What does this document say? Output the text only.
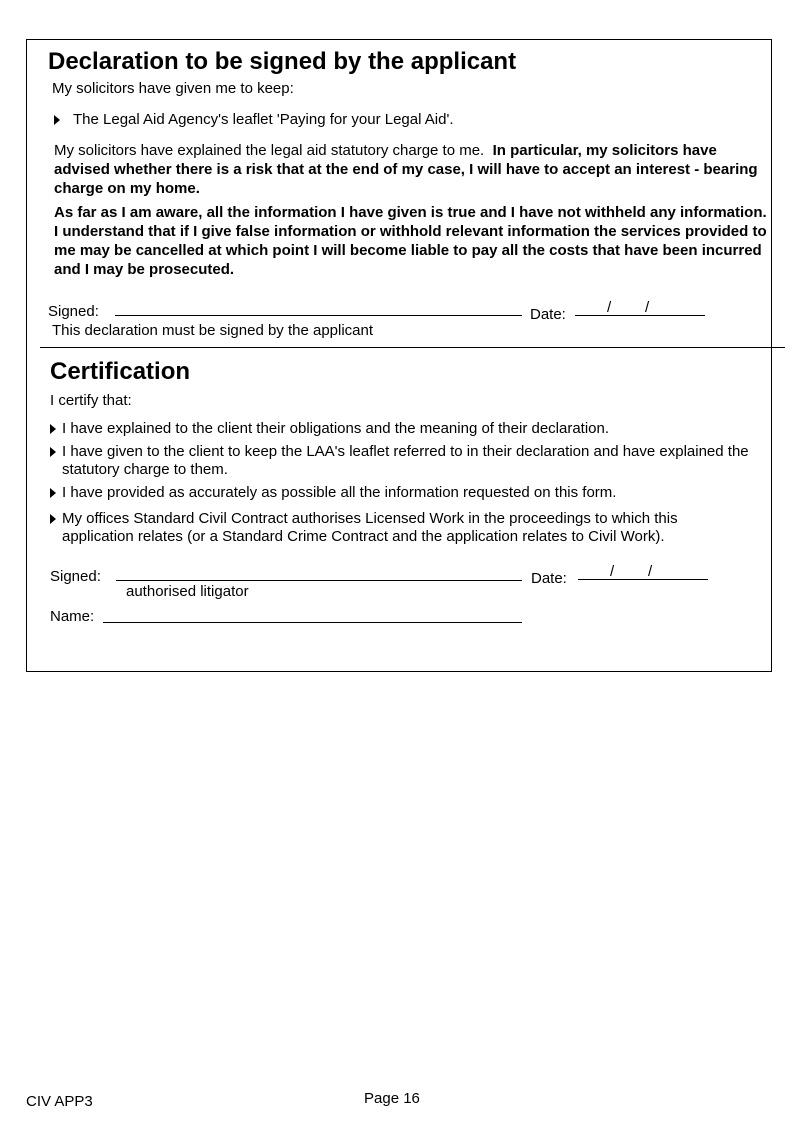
Declaration to be signed by the applicant
My solicitors have given me to keep:
The Legal Aid Agency's leaflet 'Paying for your Legal Aid'.
My solicitors have explained the legal aid statutory charge to me. In particular, my solicitors have advised whether there is a risk that at the end of my case, I will have to accept an interest - bearing charge on my home.
As far as I am aware, all the information I have given is true and I have not withheld any information. I understand that if I give false information or withhold relevant information the services provided to me may be cancelled at which point I will become liable to pay all the costs that have been incurred and I may be prosecuted.
Signed:	Date:	/ /
This declaration must be signed by the applicant
Certification
I certify that:
I have explained to the client their obligations and the meaning of their declaration.
I have given to the client to keep the LAA's leaflet referred to in their declaration and have explained the statutory charge to them.
I have provided as accurately as possible all the information requested on this form.
My offices Standard Civil Contract authorises Licensed Work in the proceedings to which this application relates (or a Standard Crime Contract and the application relates to Civil Work).
Signed:
authorised litigator
Date:	/ /
Name:
CIV APP3	Page 16
